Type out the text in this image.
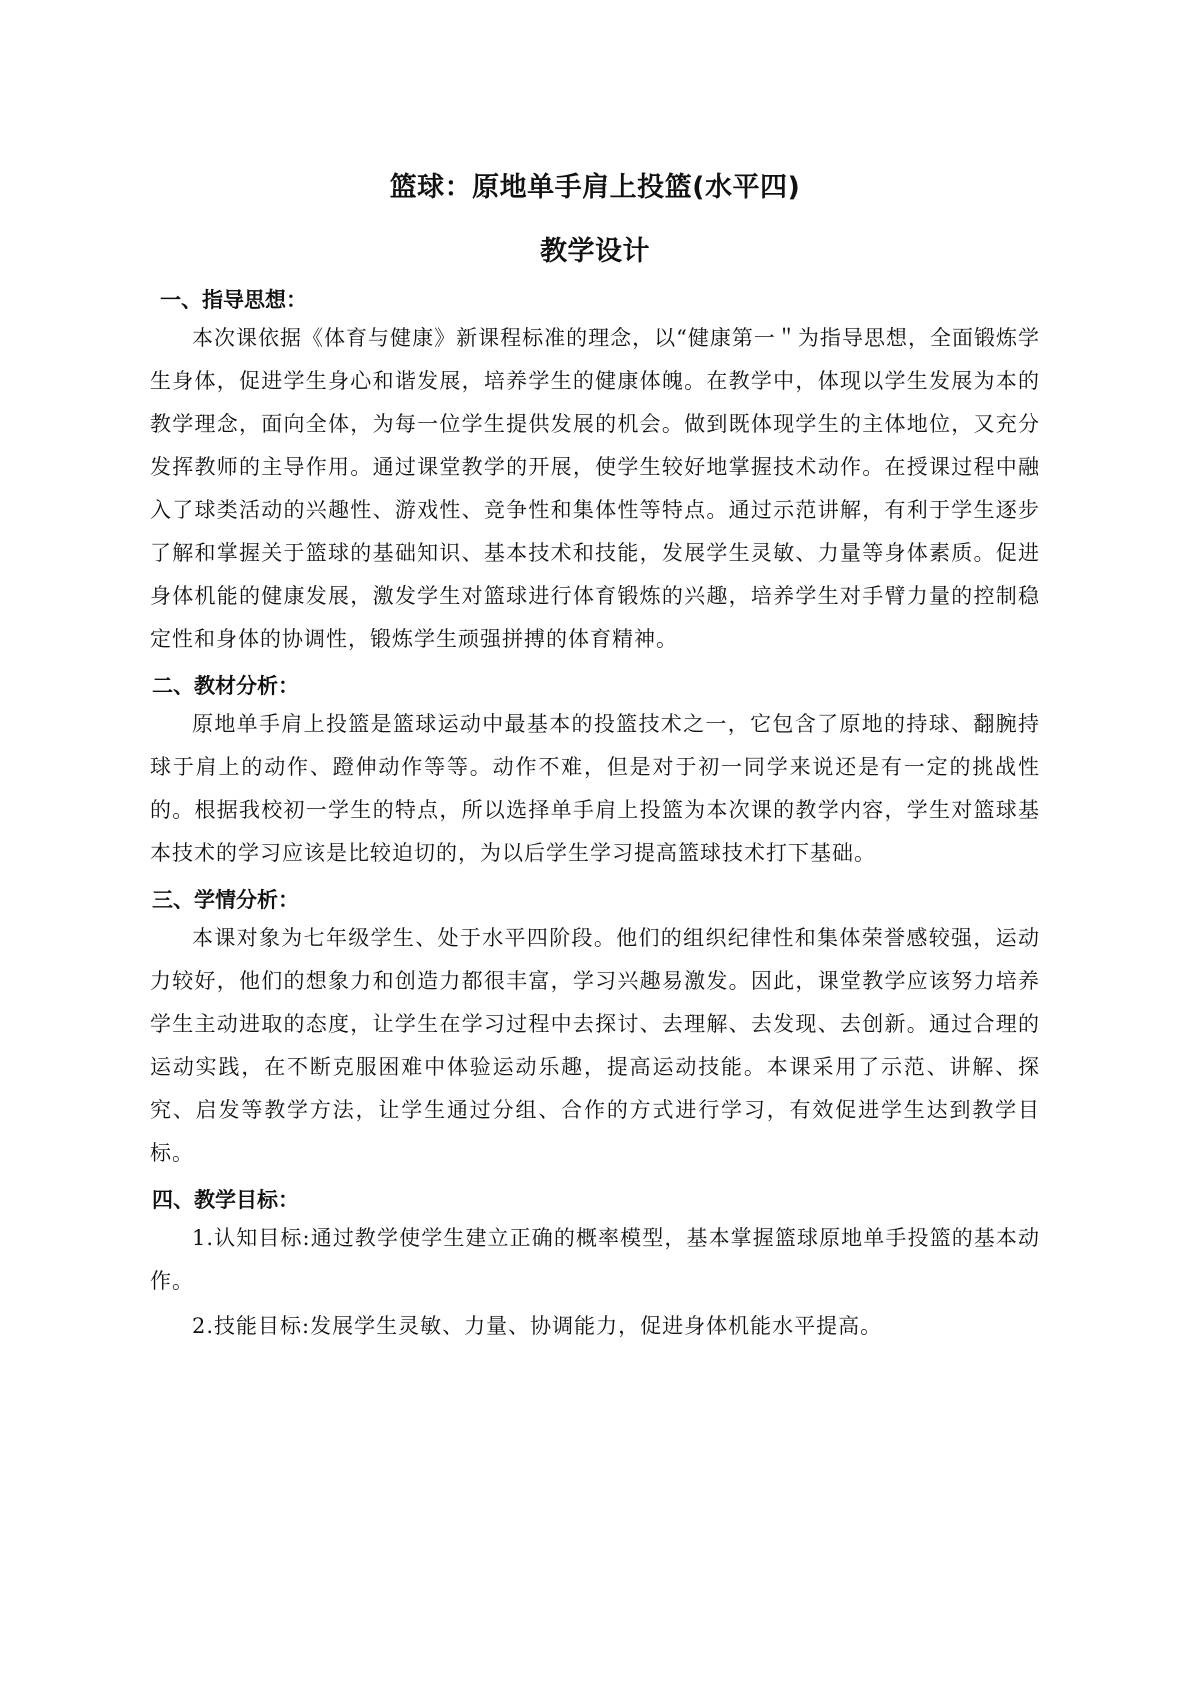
篮球：原地单手肩上投篮(水平四)
教学设计
一、指导思想：

本次课依据《体育与健康》新课程标准的理念，以“健康第一＂为指导思想，全面锻炼学生身体，促进学生身心和谐发展，培养学生的健康体魄。在教学中，体现以学生发展为本的教学理念，面向全体，为每一位学生提供发展的机会。做到既体现学生的主体地位，又充分发挥教师的主导作用。通过课堂教学的开展，使学生较好地掌握技术动作。在授课过程中融入了球类活动的兴趣性、游戏性、竞争性和集体性等特点。通过示范讲解，有利于学生逐步了解和掌握关于篮球的基础知识、基本技术和技能，发展学生灵敏、力量等身体素质。促进身体机能的健康发展，激发学生对篮球进行体育锻炼的兴趣，培养学生对手臂力量的控制稳定性和身体的协调性，锻炼学生顽强拼搏的体育精神。

二、教材分析：

原地单手肩上投篮是篮球运动中最基本的投篮技术之一，它包含了原地的持球、翻腕持球于肩上的动作、蹬伸动作等等。动作不难，但是对于初一同学来说还是有一定的挑战性的。根据我校初一学生的特点，所以选择单手肩上投篮为本次课的教学内容，学生对篮球基本技术的学习应该是比较迫切的，为以后学生学习提高篮球技术打下基础。

三、学情分析：

本课对象为七年级学生、处于水平四阶段。他们的组织纪律性和集体荣誉感较强，运动力较好，他们的想象力和创造力都很丰富，学习兴趣易激发。因此，课堂教学应该努力培养学生主动进取的态度，让学生在学习过程中去探讨、去理解、去发现、去创新。通过合理的运动实践，在不断克服困难中体验运动乐趣，提高运动技能。本课采用了示范、讲解、探究、启发等教学方法，让学生通过分组、合作的方式进行学习，有效促进学生达到教学目标。

四、教学目标：

1.认知目标:通过教学使学生建立正确的概率模型，基本掌握篮球原地单手投篮的基本动作。

2.技能目标:发展学生灵敏、力量、协调能力，促进身体机能水平提高。
